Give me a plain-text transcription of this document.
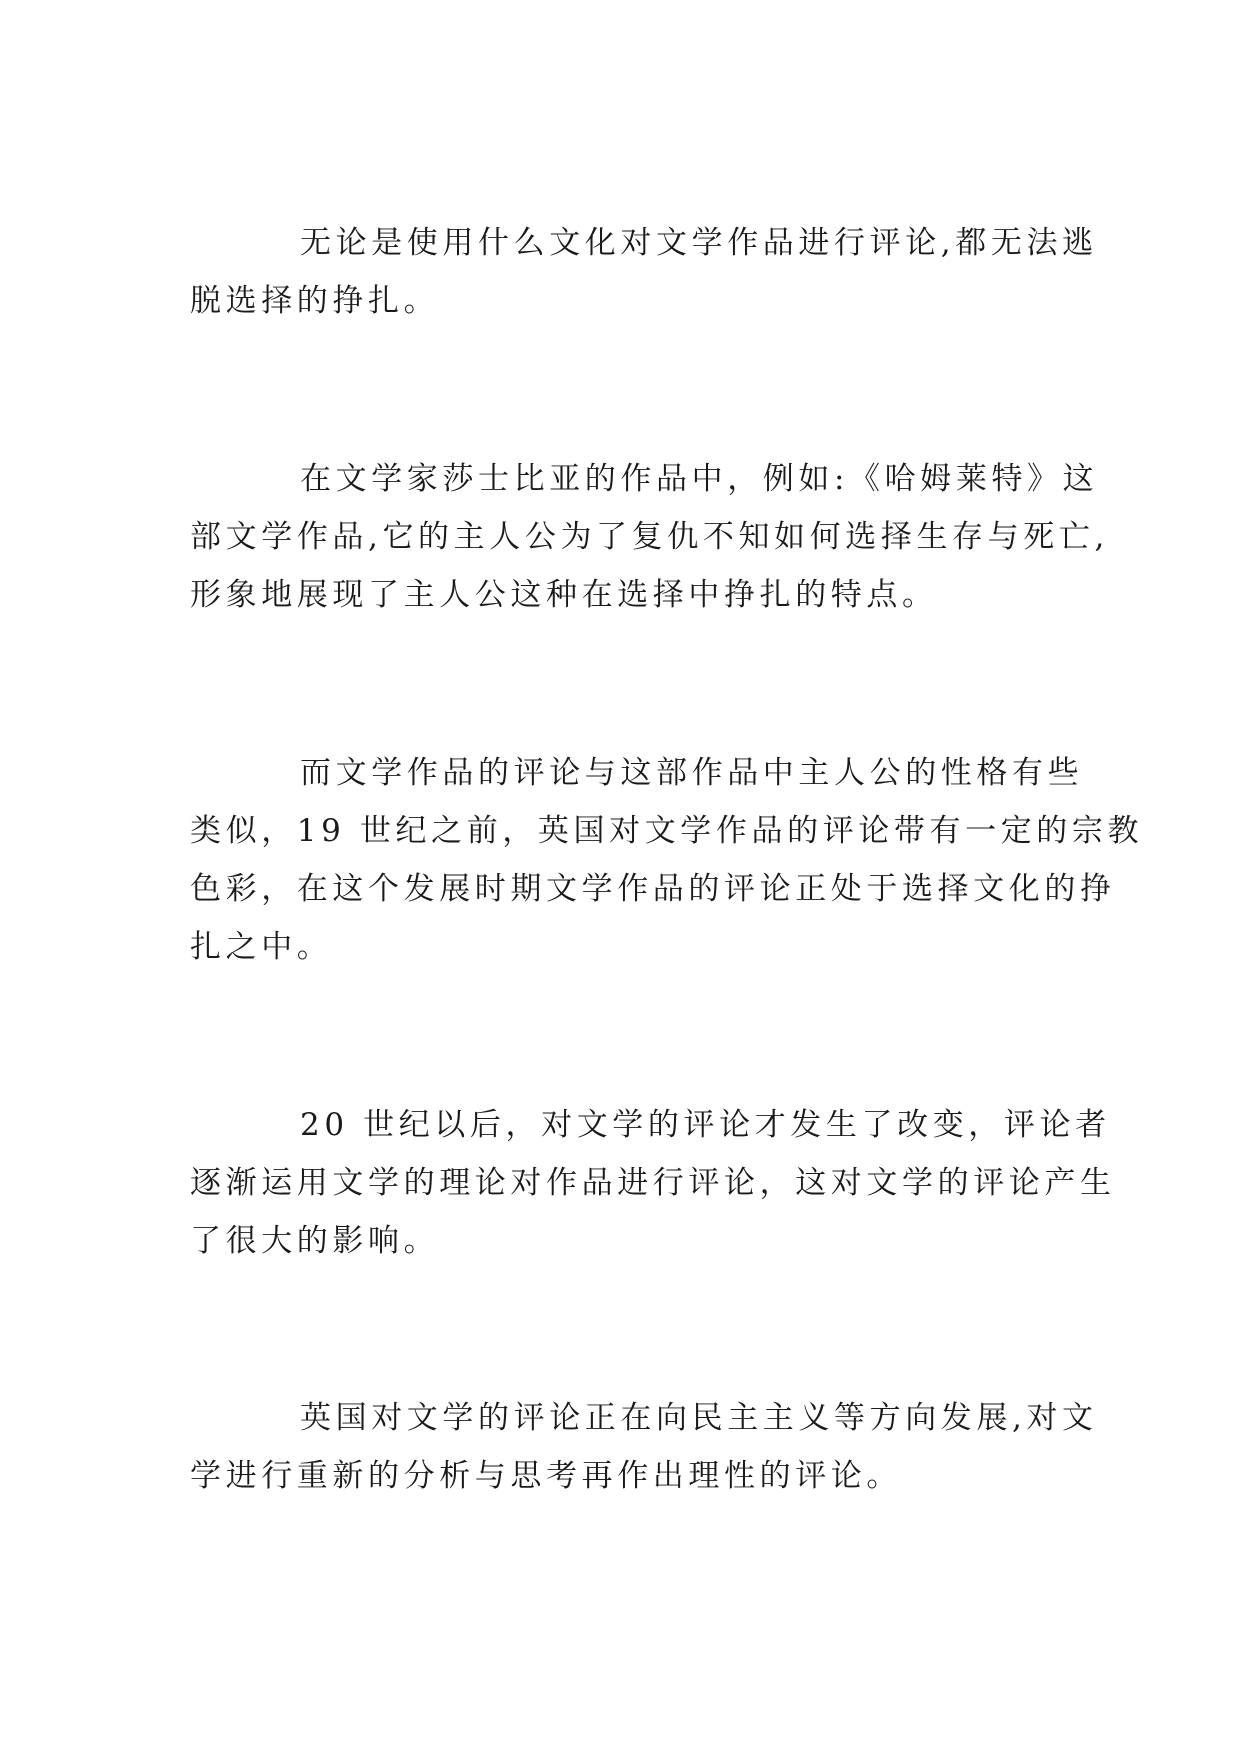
无论是使用什么文化对文学作品进行评论,都无法逃
脱选择的挣扎。
在文学家莎士比亚的作品中，例如:《哈姆莱特》这
部文学作品,它的主人公为了复仇不知如何选择生存与死亡,
形象地展现了主人公这种在选择中挣扎的特点。
而文学作品的评论与这部作品中主人公的性格有些
类似，19 世纪之前，英国对文学作品的评论带有一定的宗教
色彩，在这个发展时期文学作品的评论正处于选择文化的挣
扎之中。
20 世纪以后，对文学的评论才发生了改变，评论者
逐渐运用文学的理论对作品进行评论，这对文学的评论产生
了很大的影响。
英国对文学的评论正在向民主主义等方向发展,对文
学进行重新的分析与思考再作出理性的评论。
